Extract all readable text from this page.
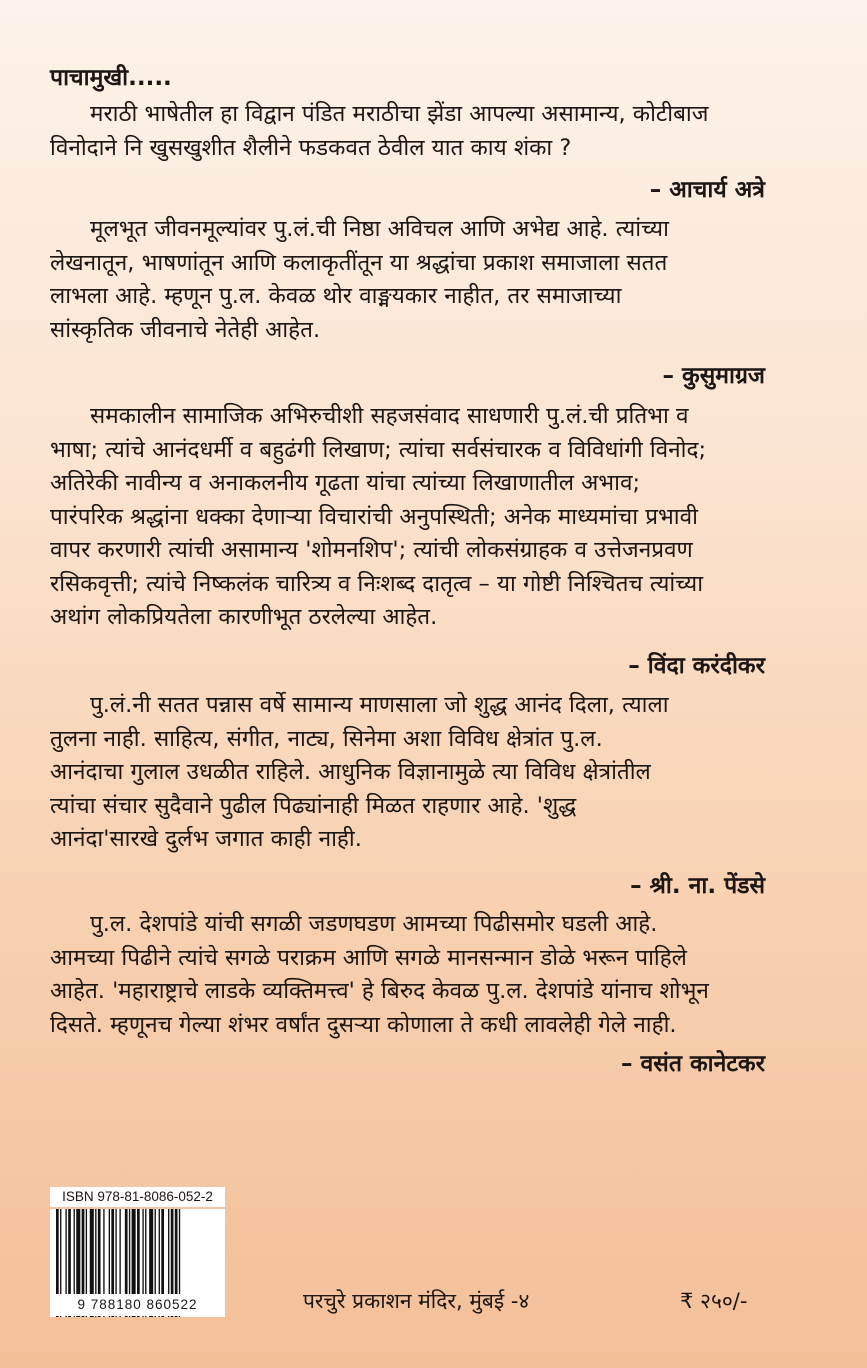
पाचामुखी.....
मराठी भाषेतील हा विद्वान पंडित मराठीचा झेंडा आपल्या असामान्य, कोटीबाज
विनोदाने नि खुसखुशीत शैलीने फडकवत ठेवील यात काय शंका ?
– आचार्य अत्रे
मूलभूत जीवनमूल्यांवर पु.लं.ची निष्ठा अविचल आणि अभेद्य आहे. त्यांच्या
लेखनातून, भाषणांतून आणि कलाकृतींतून या श्रद्धांचा प्रकाश समाजाला सतत
लाभला आहे. म्हणून पु.ल. केवळ थोर वाङ्मयकार नाहीत, तर समाजाच्या
सांस्कृतिक जीवनाचे नेतेही आहेत.
– कुसुमाग्रज
समकालीन सामाजिक अभिरुचीशी सहजसंवाद साधणारी पु.लं.ची प्रतिभा व
भाषा; त्यांचे आनंदधर्मी व बहुढंगी लिखाण; त्यांचा सर्वसंचारक व विविधांगी विनोद;
अतिरेकी नावीन्य व अनाकलनीय गूढता यांचा त्यांच्या लिखाणातील अभाव;
पारंपरिक श्रद्धांना धक्का देणाऱ्या विचारांची अनुपस्थिती; अनेक माध्यमांचा प्रभावी
वापर करणारी त्यांची असामान्य 'शोमनशिप'; त्यांची लोकसंग्राहक व उत्तेजनप्रवण
रसिकवृत्ती; त्यांचे निष्कलंक चारित्र्य व निःशब्द दातृत्व – या गोष्टी निश्चितच त्यांच्या
अथांग लोकप्रियतेला कारणीभूत ठरलेल्या आहेत.
– विंदा करंदीकर
पु.लं.नी सतत पन्नास वर्षे सामान्य माणसाला जो शुद्ध आनंद दिला, त्याला
तुलना नाही. साहित्य, संगीत, नाट्य, सिनेमा अशा विविध क्षेत्रांत पु.ल.
आनंदाचा गुलाल उधळीत राहिले. आधुनिक विज्ञानामुळे त्या विविध क्षेत्रांतील
त्यांचा संचार सुदैवाने पुढील पिढ्यांनाही मिळत राहणार आहे. 'शुद्ध
आनंदा'सारखे दुर्लभ जगात काही नाही.
– श्री. ना. पेंडसे
पु.ल. देशपांडे यांची सगळी जडणघडण आमच्या पिढीसमोर घडली आहे.
आमच्या पिढीने त्यांचे सगळे पराक्रम आणि सगळे मानसन्मान डोळे भरून पाहिले
आहेत. 'महाराष्ट्राचे लाडके व्यक्तिमत्त्व' हे बिरुद केवळ पु.ल. देशपांडे यांनाच शोभून
दिसते. म्हणूनच गेल्या शंभर वर्षांत दुसऱ्या कोणाला ते कधी लावलेही गेले नाही.
– वसंत कानेटकर
ISBN 978-81-8086-052-2
9 788180 860522	परचुरे प्रकाशन मंदिर, मुंबई -४	₹ २५०/-
